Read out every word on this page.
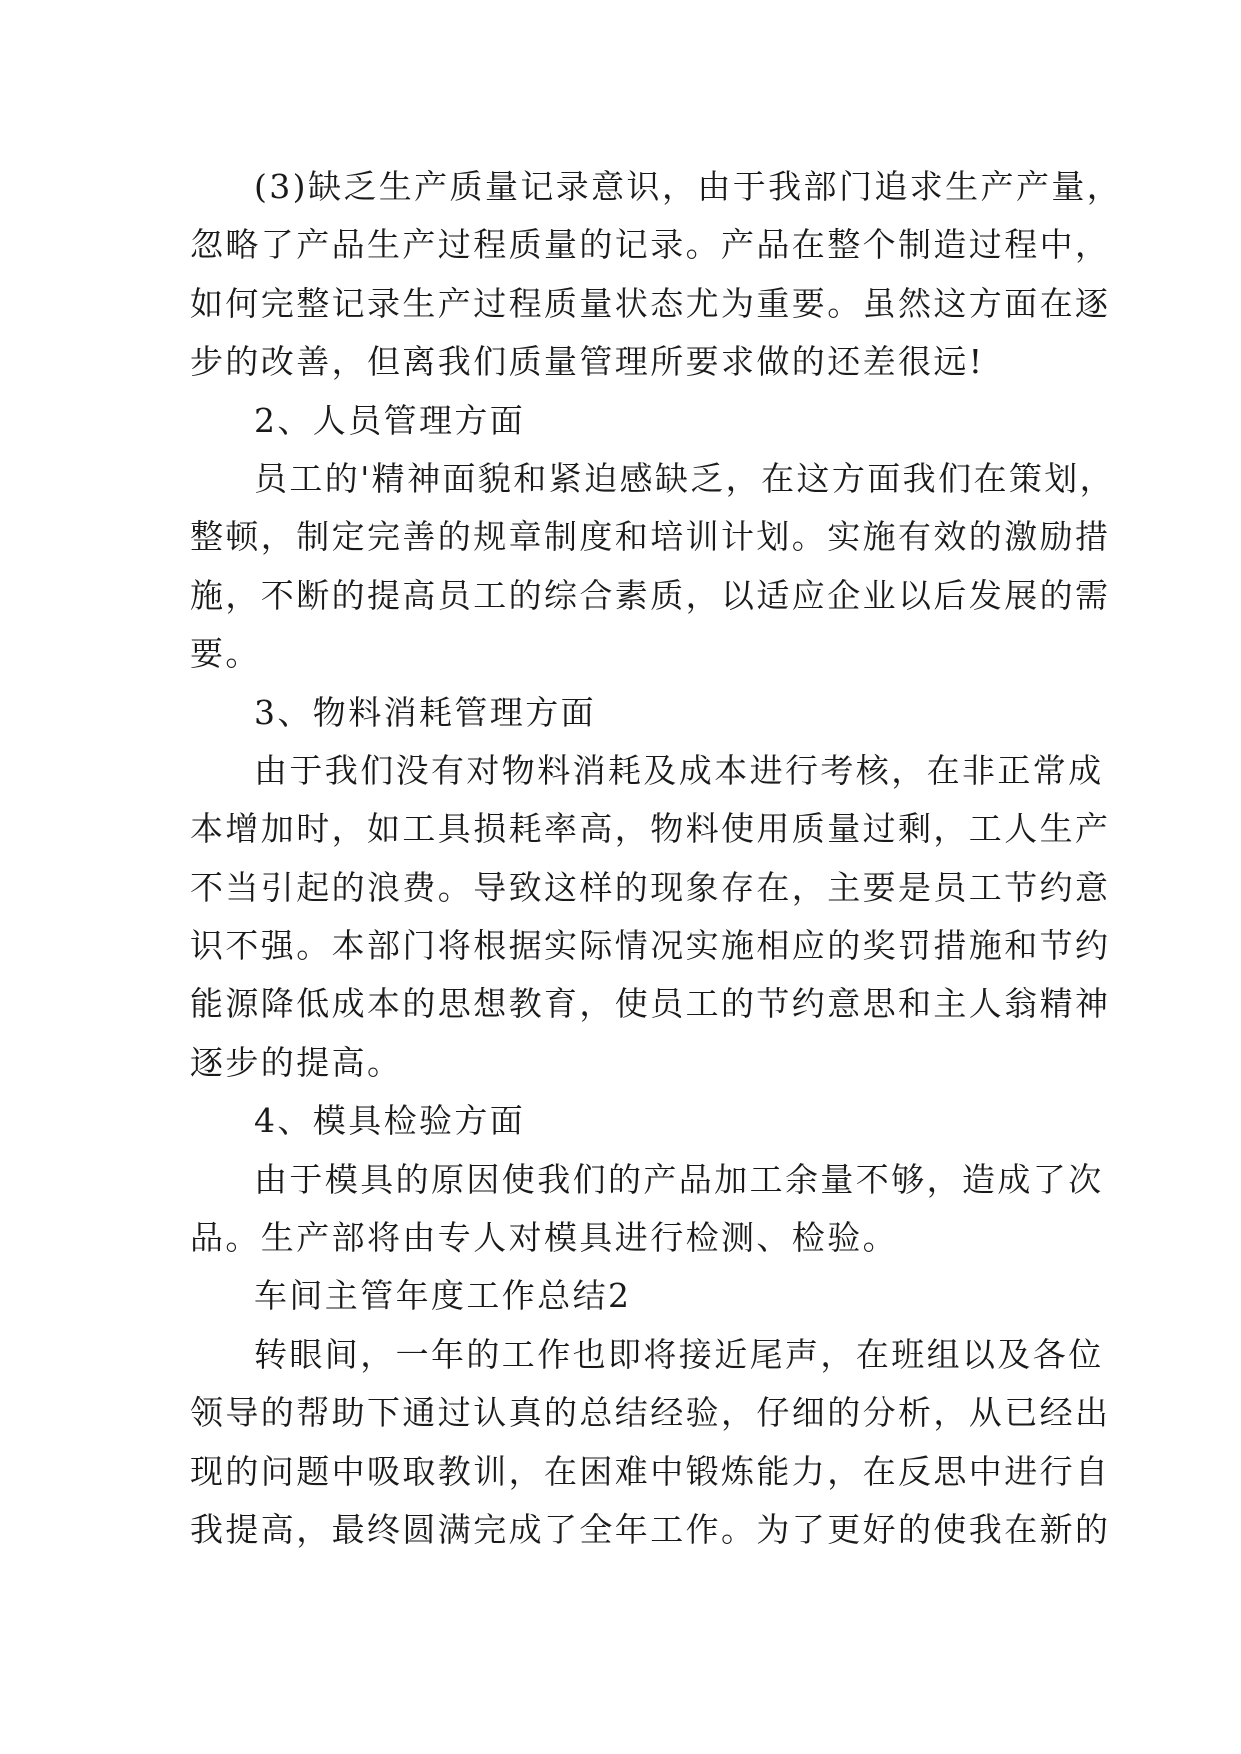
(3)缺乏生产质量记录意识，由于我部门追求生产产量，
忽略了产品生产过程质量的记录。产品在整个制造过程中，
如何完整记录生产过程质量状态尤为重要。虽然这方面在逐
步的改善，但离我们质量管理所要求做的还差很远!
2、人员管理方面
员工的'精神面貌和紧迫感缺乏，在这方面我们在策划，
整顿，制定完善的规章制度和培训计划。实施有效的激励措
施，不断的提高员工的综合素质，以适应企业以后发展的需
要。
3、物料消耗管理方面
由于我们没有对物料消耗及成本进行考核，在非正常成
本增加时，如工具损耗率高，物料使用质量过剩，工人生产
不当引起的浪费。导致这样的现象存在，主要是员工节约意
识不强。本部门将根据实际情况实施相应的奖罚措施和节约
能源降低成本的思想教育，使员工的节约意思和主人翁精神
逐步的提高。
4、模具检验方面
由于模具的原因使我们的产品加工余量不够，造成了次
品。生产部将由专人对模具进行检测、检验。
车间主管年度工作总结2
转眼间，一年的工作也即将接近尾声，在班组以及各位
领导的帮助下通过认真的总结经验，仔细的分析，从已经出
现的问题中吸取教训，在困难中锻炼能力，在反思中进行自
我提高，最终圆满完成了全年工作。为了更好的使我在新的
